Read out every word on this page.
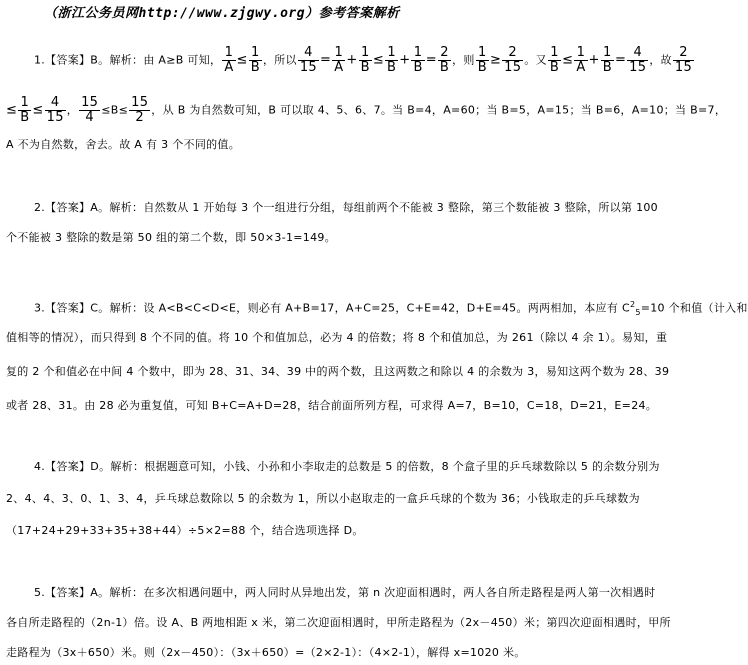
（浙江公务员网http://www.zjgwy.org）参考答案解析
1.【答案】B。解析：由 A≥B 可知， $\frac{1}{A} \le \frac{1}{B}$ ，所以 $\frac{4}{15} = \frac{1}{A} + \frac{1}{B} \le \frac{1}{B} + \frac{1}{B} = \frac{2}{B}$ ，则 $\frac{1}{B} \ge \frac{2}{15}$ 。又 $\frac{1}{B} \le \frac{1}{A} + \frac{1}{B} = \frac{4}{15}$ ，故 $\frac{2}{15}$
≤ $\frac{1}{B} \le \frac{4}{15}$ ， $\frac{15}{4} \le B\le \frac{15}{2}$ ，从 B 为自然数可知，B 可以取 4、5、6、7。当 B=4，A=60；当 B=5，A=15；当 B=6，A=10；当 B=7，
A 不为自然数，舍去。故 A 有 3 个不同的值。
2.【答案】A。解析：自然数从 1 开始每 3 个一组进行分组，每组前两个不能被 3 整除，第三个数能被 3 整除，所以第 100
个不能被 3 整除的数是第 50 组的第二个数，即 50×3-1=149。
3.【答案】C。解析：设 A<B<C<D<E，则必有 A+B=17，A+C=25，C+E=42，D+E=45。两两相加，本应有 $C^2_5=10$ 个和值（计入和
值相等的情况），而只得到 8 个不同的值。将 10 个和值加总，必为 4 的倍数；将 8 个和值加总，为 261（除以 4 余 1）。易知，重
复的 2 个和值必在中间 4 个数中，即为 28、31、34、39 中的两个数，且这两数之和除以 4 的余数为 3，易知这两个数为 28、39
或者 28、31。由 28 必为重复值，可知 B+C=A+D=28，结合前面所列方程，可求得 A=7，B=10，C=18，D=21，E=24。
4.【答案】D。解析：根据题意可知，小钱、小孙和小李取走的总数是 5 的倍数，8 个盒子里的乒乓球数除以 5 的余数分别为
2、4、4、3、0、1、3、4，乒乓球总数除以 5 的余数为 1，所以小赵取走的一盒乒乓球的个数为 36；小钱取走的乒乓球数为
（17+24+29+33+35+38+44）÷5×2=88 个，结合选项选择 D。
5.【答案】A。解析：在多次相遇问题中，两人同时从异地出发，第 n 次迎面相遇时，两人各自所走路程是两人第一次相遇时
各自所走路程的（2n-1）倍。设 A、B 两地相距 x 米，第二次迎面相遇时，甲所走路程为（2x－450）米；第四次迎面相遇时，甲所
走路程为（3x＋650）米。则（2x－450）：（3x＋650）=（2×2-1）：（4×2-1），解得 x=1020 米。
